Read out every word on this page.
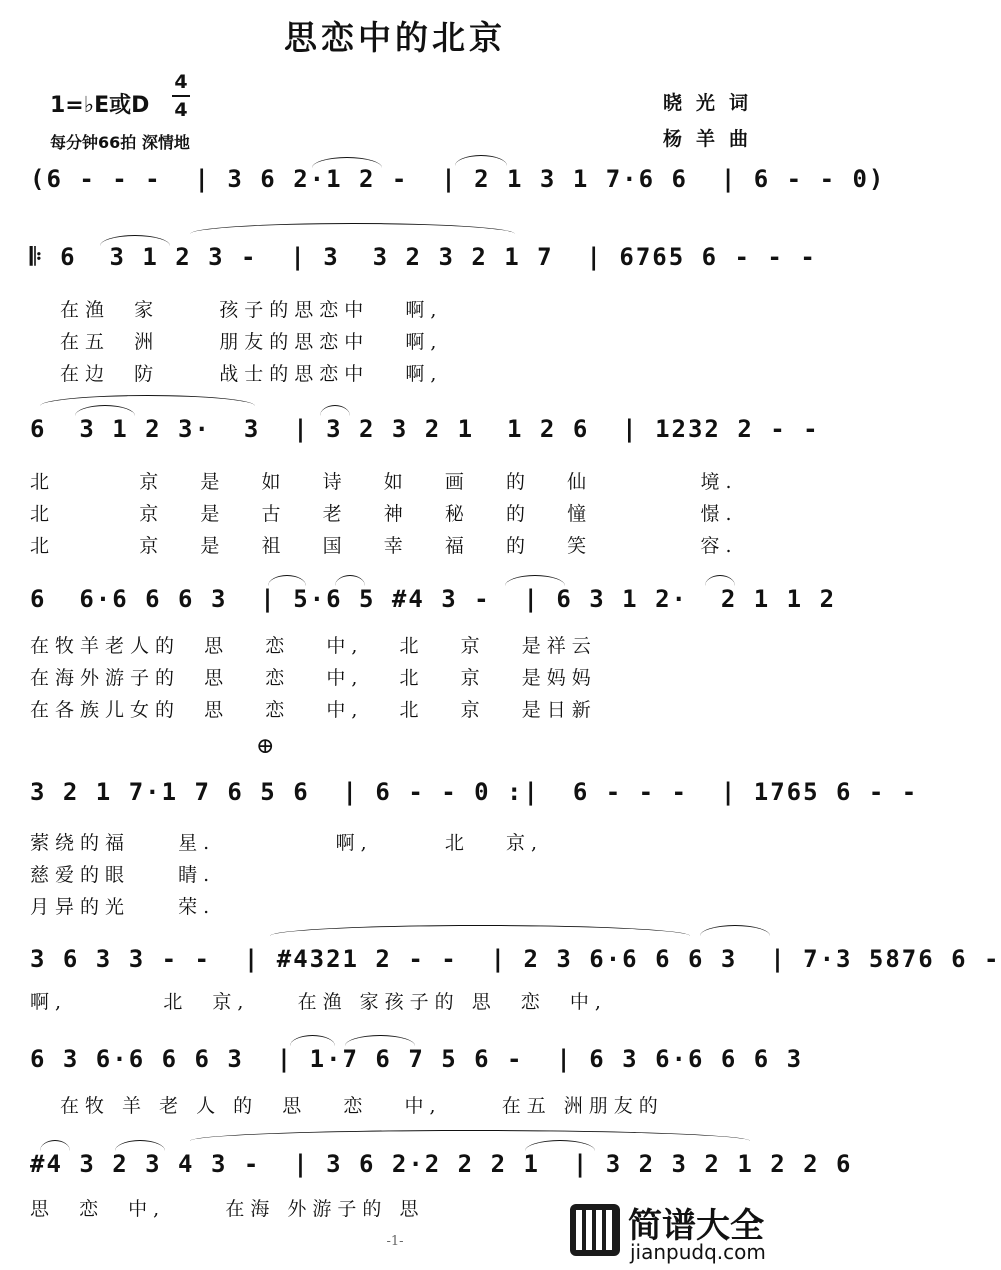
思恋中的北京
1=♭E或D
4
4
每分钟66拍 深情地
晓光词
杨羊曲
(6 - - -  | 3 6 2·1 2 -  | 2 1 3 1 7·6 6  | 6 - - 0)
𝄆 6  3 1 2 3 -  | 3  3 2 3 2 1 7  | 6765 6 - - -
在渔  家     孩子的思恋中   啊,
在五  洲     朋友的思恋中   啊,
在边  防     战士的思恋中   啊,
6  3 1 2 3·  3  | 3 2 3 2 1  1 2 6  | 1232 2 - -
北       京   是   如   诗   如   画   的   仙         境.
北       京   是   古   老   神   秘   的   憧         憬.
北       京   是   祖   国   幸   福   的   笑         容.
6  6·6 6 6 3  | 5·6 5 #4 3 -  | 6 3 1 2·  2 1 1 2
在牧羊老人的  思   恋   中,   北   京   是祥云
在海外游子的  思   恋   中,   北   京   是妈妈
在各族儿女的  思   恋   中,   北   京   是日新
⊕
3 2 1 7·1 7 6 5 6  | 6 - - 0 :|  6 - - -  | 1765 6 - -
萦绕的福    星.          啊,      北   京,
慈爱的眼    睛.
月异的光    荣.
3 6 3 3 - -  | #4321 2 - -  | 2 3 6·6 6 6 3  | 7·3 5876 6 -
啊,        北  京,    在渔 家孩子的 思  恋  中,
6 3 6·6 6 6 3  | 1·7 6 7 5 6 -  | 6 3 6·6 6 6 3
在牧 羊 老 人 的  思   恋   中,     在五 洲朋友的
#4 3 2 3 4 3 -  | 3 6 2·2 2 2 1  | 3 2 3 2 1 2 2 6
思  恋  中,     在海 外游子的 思	简谱大全
jianpudq.com
-1-
